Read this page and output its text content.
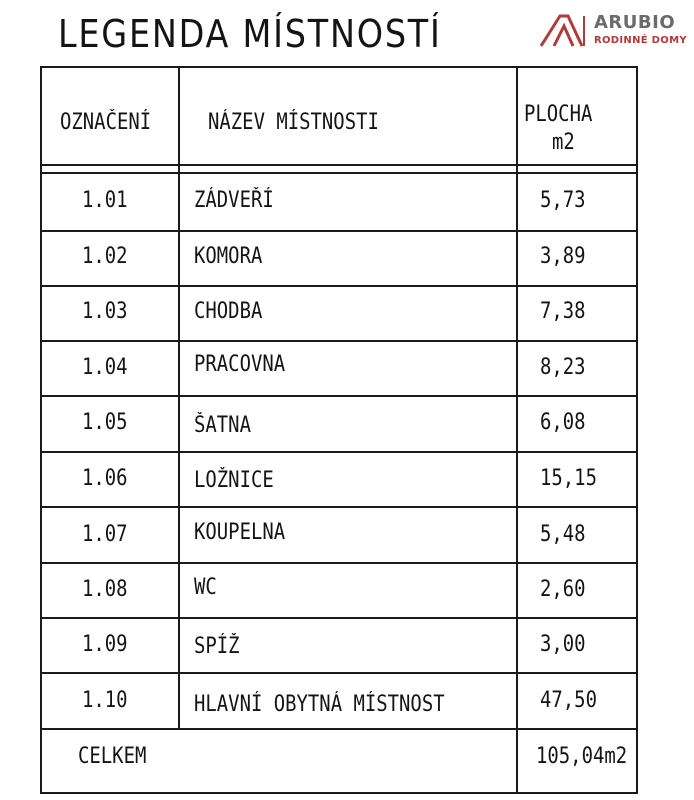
LEGENDA MÍSTNOSTÍ	ARUBIO
RODINNÉ DOMY
OZNAČENÍ	NÁZEV MÍSTNOSTI	PLOCHA
m2
1.01	ZÁDVEŘÍ	5,73
1.02	KOMORA	3,89
1.03	CHODBA	7,38
1.04	PRACOVNA	8,23
1.05	ŠATNA	6,08
1.06	LOŽNICE	15,15
1.07	KOUPELNA	5,48
1.08	WC	2,60
1.09	SPÍŽ	3,00
1.10	HLAVNÍ OBYTNÁ MÍSTNOST	47,50
CELKEM	105,04m2
